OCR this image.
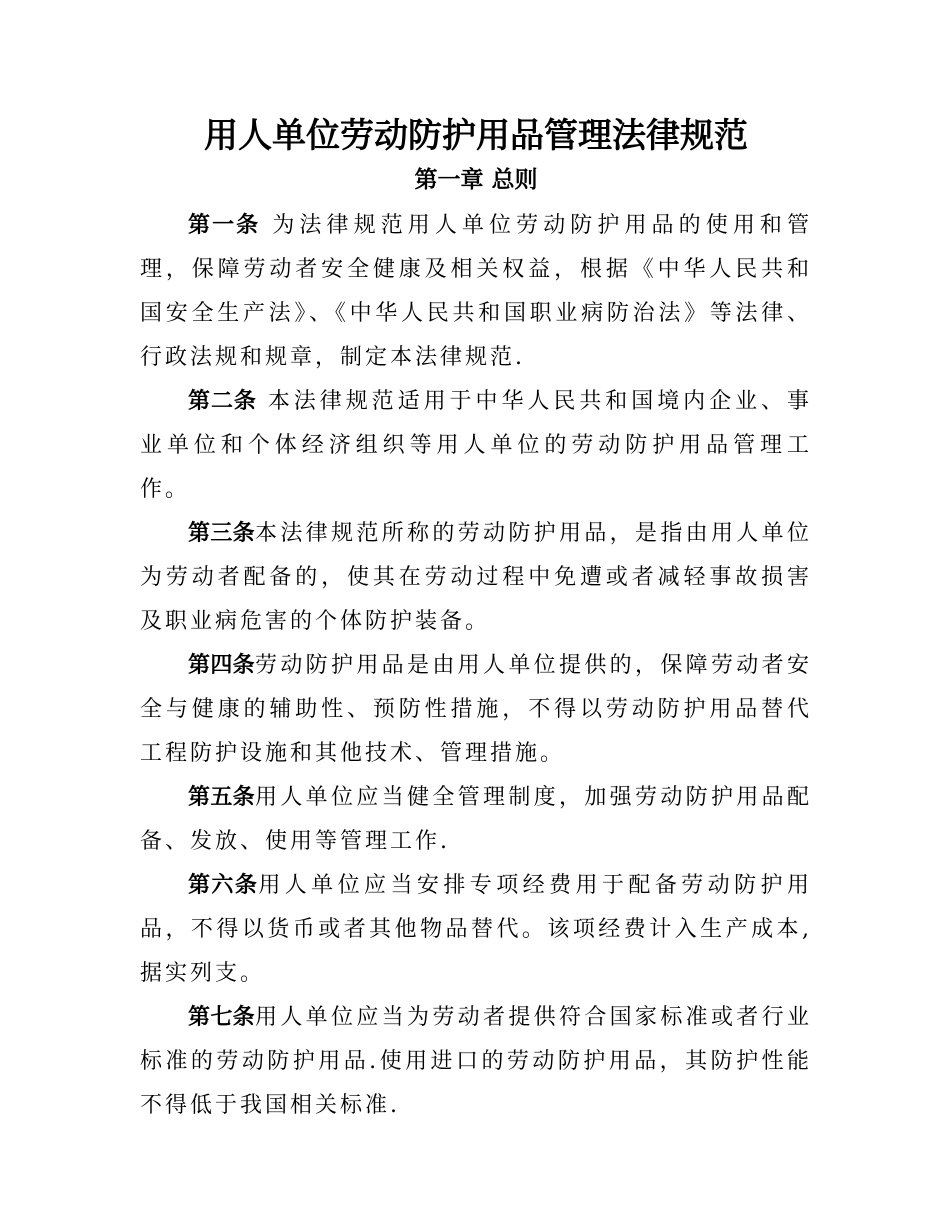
用人单位劳动防护用品管理法律规范
第一章 总则

第一条 为法律规范用人单位劳动防护用品的使用和管理，保障劳动者安全健康及相关权益，根据《中华人民共和国安全生产法》、《中华人民共和国职业病防治法》等法律、行政法规和规章，制定本法律规范.

第二条 本法律规范适用于中华人民共和国境内企业、事业单位和个体经济组织等用人单位的劳动防护用品管理工作。

第三条本法律规范所称的劳动防护用品，是指由用人单位为劳动者配备的，使其在劳动过程中免遭或者减轻事故损害及职业病危害的个体防护装备。

第四条劳动防护用品是由用人单位提供的，保障劳动者安全与健康的辅助性、预防性措施，不得以劳动防护用品替代工程防护设施和其他技术、管理措施。

第五条用人单位应当健全管理制度，加强劳动防护用品配备、发放、使用等管理工作.

第六条用人单位应当安排专项经费用于配备劳动防护用品，不得以货币或者其他物品替代。该项经费计入生产成本,据实列支。

第七条用人单位应当为劳动者提供符合国家标准或者行业标准的劳动防护用品.使用进口的劳动防护用品，其防护性能不得低于我国相关标准.
